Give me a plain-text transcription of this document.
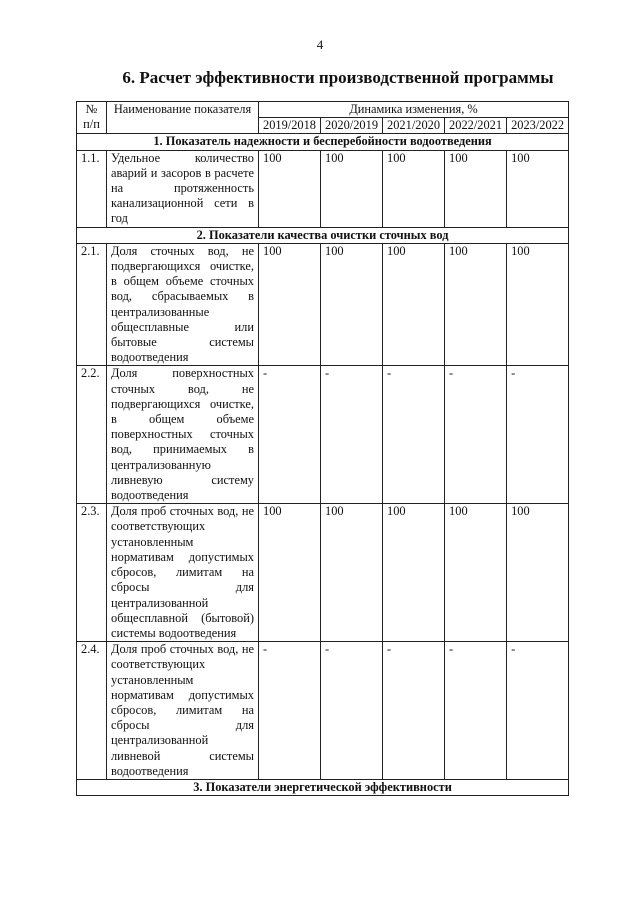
4
6. Расчет эффективности производственной программы
№ п/п	Наименование показателя	Динамика изменения, %				
		2019/2018	2020/2019	2021/2020	2022/2021	2023/2022
1. Показатель надежности и бесперебойности водоотведения						
1.1.	Удельное количество аварий и засоров в расчете на протяженность канализационной сети в год	100	100	100	100	100
2. Показатели качества очистки сточных вод						
2.1.	Доля сточных вод, не подвергающихся очистке, в общем объеме сточных вод, сбрасываемых в централизованные общесплавные или бытовые системы водоотведения	100	100	100	100	100
2.2.	Доля поверхностных сточных вод, не подвергающихся очистке, в общем объеме поверхностных сточных вод, принимаемых в централизованную ливневую систему водоотведения	-	-	-	-	-
2.3.	Доля проб сточных вод, не соответствующих установленным нормативам допустимых сбросов, лимитам на сбросы для централизованной общесплавной (бытовой) системы водоотведения	100	100	100	100	100
2.4.	Доля проб сточных вод, не соответствующих установленным нормативам допустимых сбросов, лимитам на сбросы для централизованной ливневой системы водоотведения	-	-	-	-	-
3. Показатели энергетической эффективности						
